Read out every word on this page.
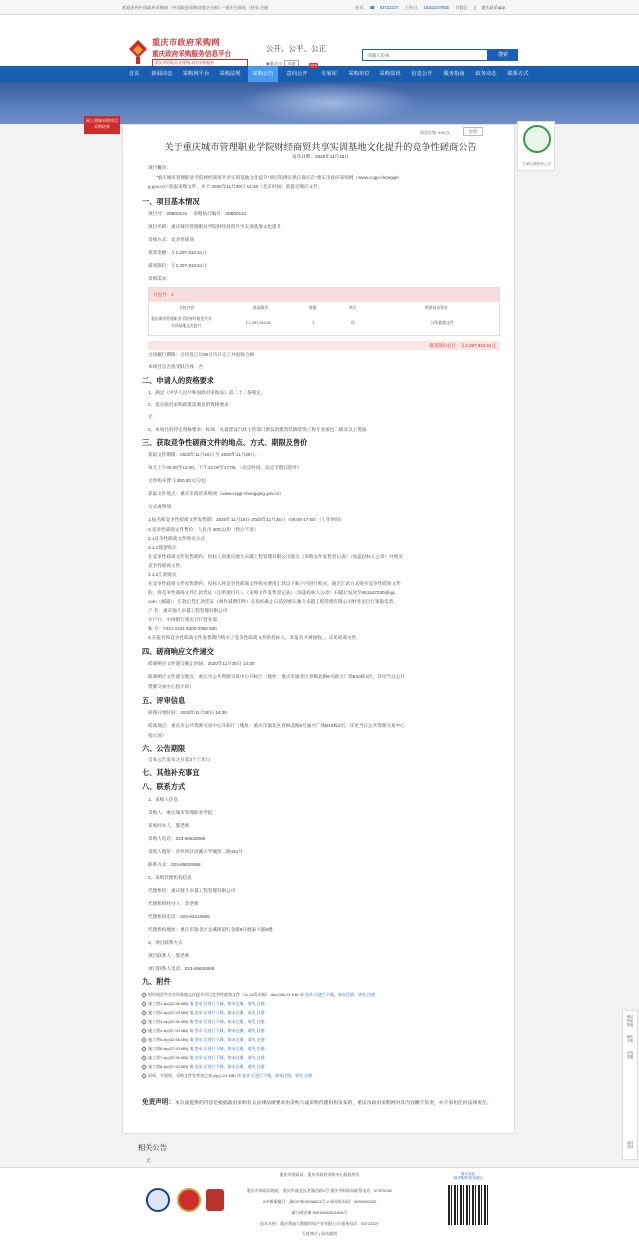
欢迎来到中国政府采购网（中国政府采购网重庆分网）--重庆分网站（登录 注册	首页 ☎ 63722227 工作日 18163107655 节假日 ▯ 重庆政采app
重庆市政府采购网
重庆政府采购服务信息平台
重庆市财政局 国家级 政府采购服务
公开、公平、公正
◉重庆市 市辖
请输入检索	搜索
首页	新闻动态	采购网平台	采购法规	采购公告	意向公开
NEW
专家库	采购单位	采购资讯	信息公开	服务指南	政务动态	联系方式
网上商城采购项目
采购结果
扫码订阅所有公告
阅读次数: 458 次	打印
关于重庆城市管理职业学院财经商贸共享实训基地文化提升的竞争性磋商公告
发布日期：2020年11月18日
项目概况：
“重庆城市管理职业学院财经商贸共享实训基地文化提升”项目的潜在供应商应在“重庆市政府采购网（www.ccgp-chongqin
g.gov.cn）”获取采购文件，并于 2020年11月30日 14:30（北京时间）前提交响应文件。
一、项目基本情况
项目号：20B00141　 采购执行编号：20B00141
项目名称：重庆城市管理职业学院财经商贸共享实训基地文化提升
采购方式：竞争性磋商
预算金额：￥2,297,910.51元
最高限价：￥2,297,910.51元
采购需求：
分包号：1
分包内容	最高限价	数量	单位	简要技术要求
重庆城市管理职业学院财经商贸共享
实训基地文化提升
￥2,297,910.51	1	项	详见磋商文件
最高限价总计：￥2,297,910.51元
合同履行期限：合同签订后90日历日完工并验收合格
本项目是否接受联合体：否
二、申请人的资格要求
1、满足《中华人民共和国政府采购法》第二十二条规定。
2、落实政府采购政策需满足的资格要求：
无
3、本项目的特定资格要求：标项一具备建设行政主管部门颁发的建筑装修装饰工程专业承包二级及以上资质
三、获取竞争性磋商文件的地点、方式、期限及售价
获取文件期限：2020年11月18日 至 2020年11月25日。
每天上午00:00至12:00，下午12:00至17:00。（北京时间，法定节假日除外）
文件购买费:￥300.00元/分包
获取文件地点：重庆市政府采购网（www.ccgp-chongqing.gov.cn）
方式或事项：
1.报名和竞争性磋商文件发售期：2020年11月18日-2020年11月25日（09:00-17:00）（工作时间）
2.竞争性磋商文件售价：人民币 300元/份（售后不退）
2.1竞争性磋商文件购买方式
2.1.1现金购买
在竞争性磋商文件发售期内，投标人到重庆驰久卓越工程管理有限公司递交《采购文件发售登记表》（加盖投标人公章）并购买
竞争性磋商文件。
2.1.2汇款购买
在竞争性磋商文件发售期内，投标人将竞争性磋商文件购买费用汇款以下账户内进行购买。通过汇款方式购买竞争性磋商文件
的，将竞争性磋商文件汇款凭证（注明项目号）、《采购文件发售登记表》（加盖投标人公章）扫描后发送至651547030@qq.
com（邮箱）。汇款后凭汇款凭证（须作减费印件）在投标截止日前到重庆驰久卓越工程管理有限公司财务室自行领取发票。
户 名：重庆驰久卓越工程管理有限公司
开户行：中国银行重庆分行营业部
账 号：7421 0101 8200 0356 800
3.在报名和竞争性磋商文件发售期内购买了竞争性磋商文件的投标人，其报名才被接收，。详见磋商文件。
四、磋商响应文件递交
磋商响应文件递交截止时间：2020年11月30日 14:30
磋商响应文件递交地点：重庆市公共资源交易中心开标厅（地址：重庆市渝北区青枫北路6号渝兴广场B10栋2层，详见当日公共
资源交易中心指示屏）
五、评审信息
磋商开始时间：2020年11月30日 14:30
磋商地点：重庆市公共资源交易中心开标厅（地址：重庆市渝北区青枫北路6号渝兴广场B10栋2层，详见当日公共资源交易中心
指示屏）
六、公告期限
自本公告发布之日起3个工作日
七、其他补充事宜
八、联系方式
1、采购人信息
采购人：重庆城市管理职业学院
采购经办人：黎老师
采购人电话：023-65626068
采购人地址：沙坪坝区虎溪大学城西二路151号
联系方式：023-65626068
2、采购代理机构信息
代理机构：重庆驰久卓越工程管理有限公司
代理机构经办人：余老师
代理机构电话：023-63210565
代理机构地址：重庆市渝北区龙溪街道红金街9号德泰大厦6楼
3、项目联系方式
项目联系人：黎老师
项目联系人电话：023-65626068
九、附件
财经商贸共享实训基地文化提升项目竞争性磋商文件（11.18发布稿）.doc(354.51 KB) 请 登录 后进行下载，如未注册，请先 注册
施工图1.zip(32.56 MB) 请 登录 后进行下载，如未注册，请先 注册
施工图2.zip(37.53 MB) 请 登录 后进行下载，如未注册，请先 注册
施工图3.zip(32.56 MB) 请 登录 后进行下载，如未注册，请先 注册
施工图4.zip(37.53 MB) 请 登录 后进行下载，如未注册，请先 注册
施工图5.zip(32.56 MB) 请 登录 后进行下载，如未注册，请先 注册
施工图6.zip(37.53 MB) 请 登录 后进行下载，如未注册，请先 注册
施工图7.zip(32.56 MB) 请 登录 后进行下载，如未注册，请先 注册
施工图8.zip(37.53 MB) 请 登录 后进行下载，如未注册，请先 注册
清单、平面图、采购文件发售登记表.zip(2.24 MB) 请 登录 后进行下载，如未注册，请先 注册
免责声明：本页面提供的内容是根据政府采购有关法律法规要求由采购人或采购代理机构发布的，重庆市政府采购网对其内容概不负责，亦不承担任何法律责任。
相关公告
无
网站
帮助
指南
操作
手册
在线
客服
返回
顶部
重庆市财政局、重庆市政府采购中心版权所有
重庆市财政局地址：重庆市渝北区洪湖西路1号 重庆市财政局联系电话：67575332
ICP备案编号：渝ICP备15008611号-2 网站标识码：5000000100
渝公网安备 50019002501906号
技术支持：重庆墨迪大数据科技产业有限公司 服务电话：63722227
百度统计 | 网站地图
重庆市政
“政采购物”服务窗口
